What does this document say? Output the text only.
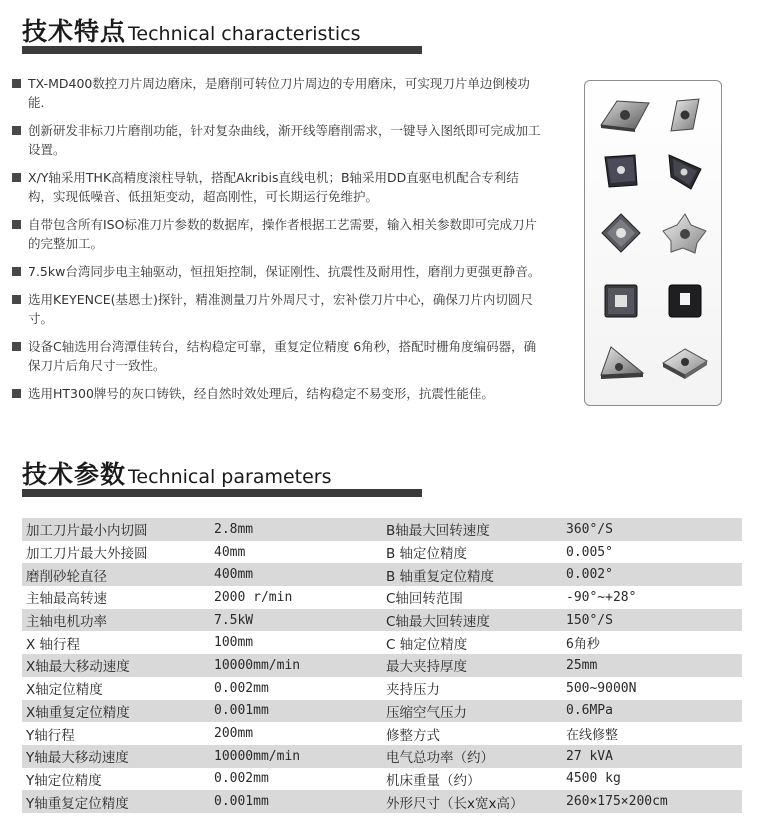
技术特点 Technical characteristics
TX-MD400数控刀片周边磨床，是磨削可转位刀片周边的专用磨床，可实现刀片单边倒棱功能.
创新研发非标刀片磨削功能，针对复杂曲线，渐开线等磨削需求，一键导入图纸即可完成加工设置。
X/Y轴采用THK高精度滚柱导轨，搭配Akribis直线电机；B轴采用DD直驱电机配合专利结构，实现低噪音、低扭矩变动，超高刚性，可长期运行免维护。
自带包含所有ISO标准刀片参数的数据库，操作者根据工艺需要，输入相关参数即可完成刀片的完整加工。
7.5kw台湾同步电主轴驱动，恒扭矩控制，保证刚性、抗震性及耐用性，磨削力更强更静音。
选用KEYENCE(基恩士)探针，精准测量刀片外周尺寸，宏补偿刀片中心，确保刀片内切圆尺寸。
设备C轴选用台湾潭佳转台，结构稳定可靠，重复定位精度 6角秒，搭配时栅角度编码器，确保刀片后角尺寸一致性。
选用HT300牌号的灰口铸铁，经自然时效处理后，结构稳定不易变形，抗震性能佳。
技术参数 Technical parameters
加工刀片最小内切圆	2.8mm	B轴最大回转速度	360°/S
加工刀片最大外接圆	40mm	B 轴定位精度	0.005°
磨削砂轮直径	400mm	B 轴重复定位精度	0.002°
主轴最高转速	2000 r/min	C轴回转范围	-90°~+28°
主轴电机功率	7.5kW	C轴最大回转速度	150°/S
X 轴行程	100mm	C 轴定位精度	6角秒
X轴最大移动速度	10000mm/min	最大夹持厚度	25mm
X轴定位精度	0.002mm	夹持压力	500~9000N
X轴重复定位精度	0.001mm	压缩空气压力	0.6MPa
Y轴行程	200mm	修整方式	在线修整
Y轴最大移动速度	10000mm/min	电气总功率（约）	27 kVA
Y轴定位精度	0.002mm	机床重量（约）	4500 kg
Y轴重复定位精度	0.001mm	外形尺寸（长x宽x高）	260×175×200cm
